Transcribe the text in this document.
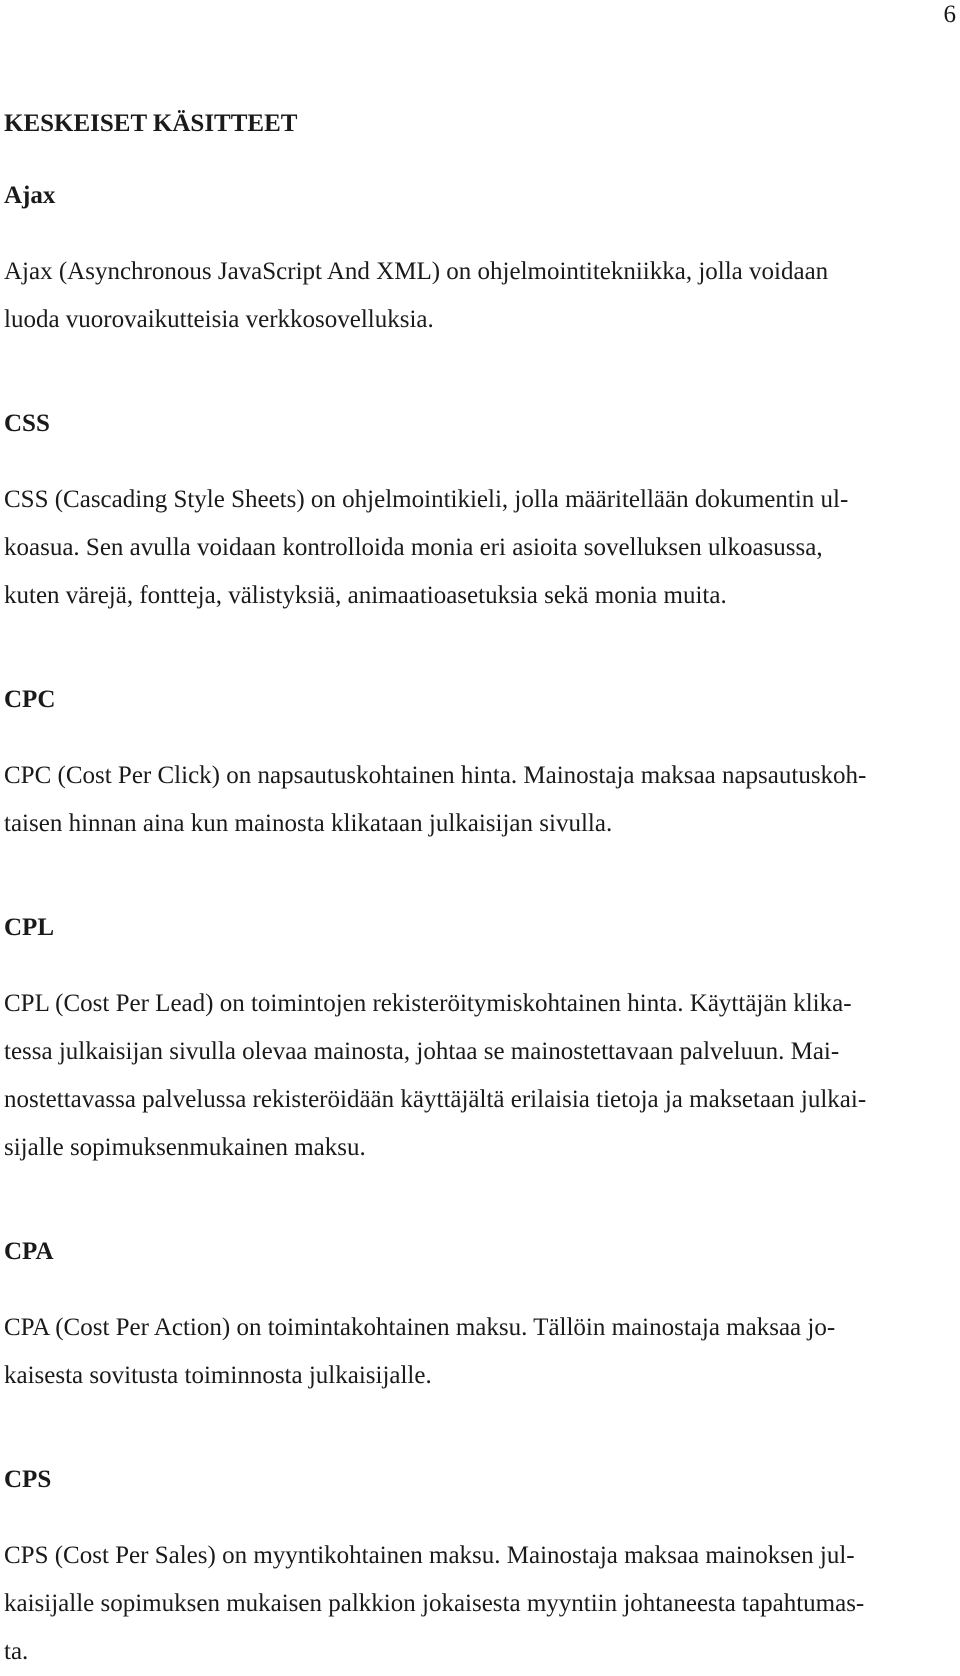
6
KESKEISET KÄSITTEET
Ajax
Ajax (Asynchronous JavaScript And XML) on ohjelmointitekniikka, jolla voidaan
luoda vuorovaikutteisia verkkosovelluksia.
CSS
CSS (Cascading Style Sheets) on ohjelmointikieli, jolla määritellään dokumentin ul-
koasua. Sen avulla voidaan kontrolloida monia eri asioita sovelluksen ulkoasussa,
kuten värejä, fontteja, välistyksiä, animaatioasetuksia sekä monia muita.
CPC
CPC (Cost Per Click) on napsautuskohtainen hinta. Mainostaja maksaa napsautuskoh-
taisen hinnan aina kun mainosta klikataan julkaisijan sivulla.
CPL
CPL (Cost Per Lead) on toimintojen rekisteröitymiskohtainen hinta. Käyttäjän klika-
tessa julkaisijan sivulla olevaa mainosta, johtaa se mainostettavaan palveluun. Mai-
nostettavassa palvelussa rekisteröidään käyttäjältä erilaisia tietoja ja maksetaan julkai-
sijalle sopimuksenmukainen maksu.
CPA
CPA (Cost Per Action) on toimintakohtainen maksu. Tällöin mainostaja maksaa jo-
kaisesta sovitusta toiminnosta julkaisijalle.
CPS
CPS (Cost Per Sales) on myyntikohtainen maksu. Mainostaja maksaa mainoksen jul-
kaisijalle sopimuksen mukaisen palkkion jokaisesta myyntiin johtaneesta tapahtumas-
ta.
